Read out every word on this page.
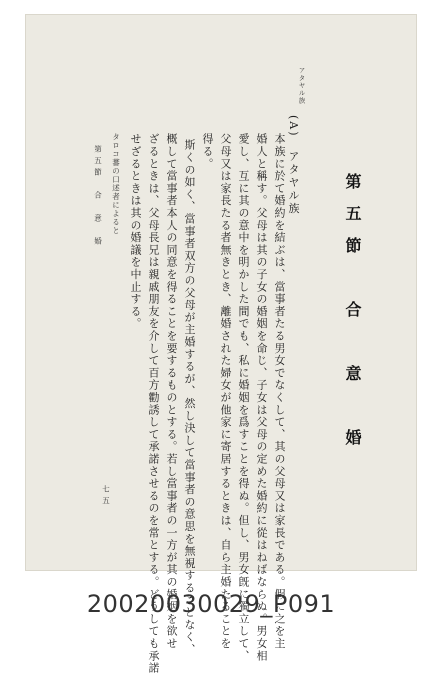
第五節　合　意　婚
アタヤル族
(A)　アタヤル族
本族に於て婚約を結ぶは、當事者たる男女でなくして、其の父母又は家長である。假に之を主
婚人と稱す。父母は其の子女の婚姻を命じ、子女は父母の定めた婚約に從はねばならぬ。男女相
愛し、互に其の意中を明かした間でも、私に婚姻を爲すことを得ぬ。但し、男女旣に獨立して、
父母又は家長たる者無きとき、離婚された婦女が他家に寄居するときは、自ら主婚たることを
得る。
斯くの如く、當事者双方の父母が主婚するが、然し決して當事者の意思を無視することなく、
概して當事者本人の同意を得ることを要するものとする。若し當事者の一方が其の婚姻を欲せ
ざるときは、父母長兄は親戚朋友を介して百方勸誘して承諾させるのを常とする。どうしても承諾
せざるときは其の婚議を中止する。
タロコ蕃の口述者によると
第五節　合　意　婚
七五
20020030029_P091
